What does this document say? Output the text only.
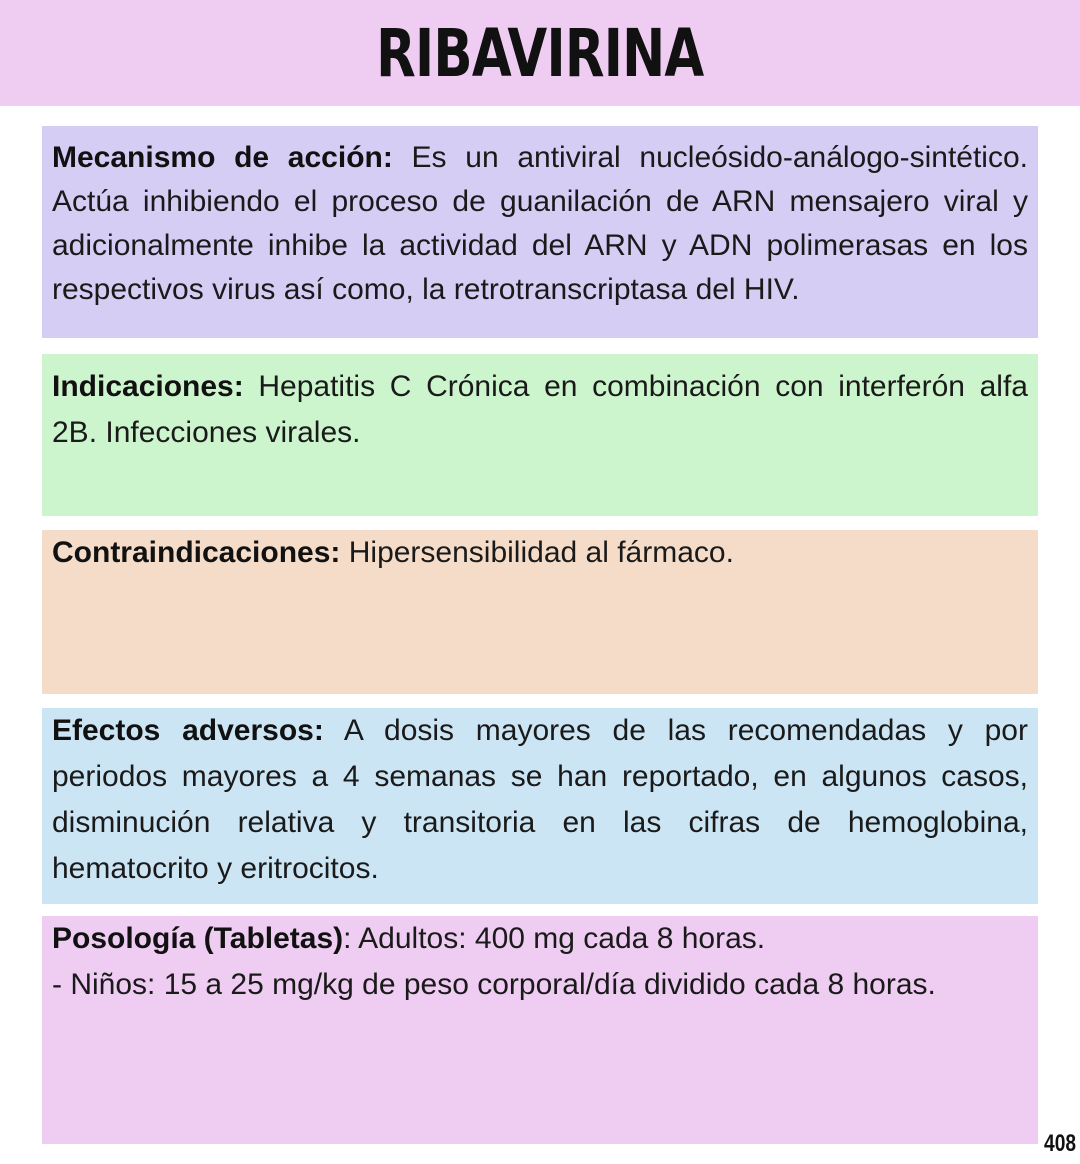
RIBAVIRINA

Mecanismo de acción: Es un antiviral nucleósido-análogo-sintético. Actúa inhibiendo el proceso de guanilación de ARN mensajero viral y adicionalmente inhibe la actividad del ARN y ADN polimerasas en los respectivos virus así como, la retrotranscriptasa del HIV.

Indicaciones: Hepatitis C Crónica en combinación con interferón alfa 2B. Infecciones virales.

Contraindicaciones: Hipersensibilidad al fármaco.

Efectos adversos: A dosis mayores de las recomendadas y por periodos mayores a 4 semanas se han reportado, en algunos casos, disminución relativa y transitoria en las cifras de hemoglobina, hematocrito y eritrocitos.

Posología (Tabletas): Adultos: 400 mg cada 8 horas.

- Niños: 15 a 25 mg/kg de peso corporal/día dividido cada 8 horas.

408
